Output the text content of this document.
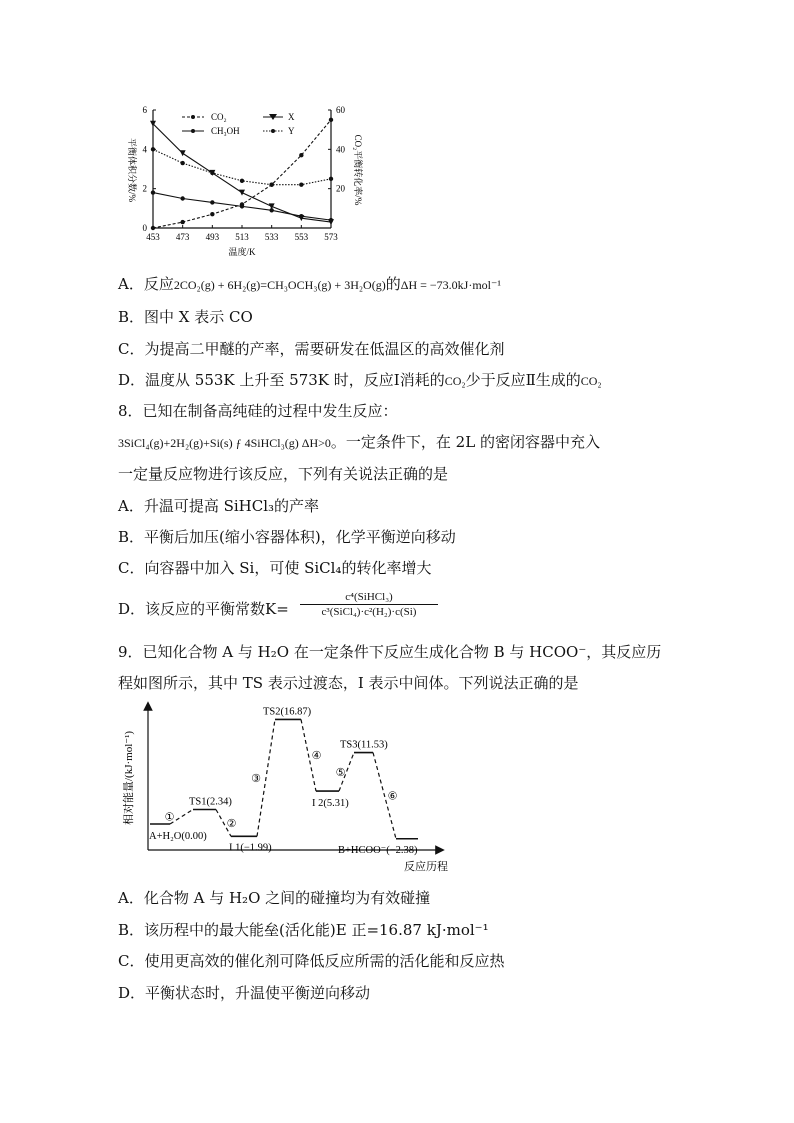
0
2
4
6
20
40
60
453 473 493 513 533 553 573
CO₂	X
CH₃OH	Y
平衡体积分数/%	CO₂平衡转化率/%
温度/K
A．反应2CO₂(g) + 6H₂(g)=CH₃OCH₃(g) + 3H₂O(g)的ΔH = −73.0kJ·mol⁻¹
B．图中 X 表示 CO
C．为提高二甲醚的产率，需要研发在低温区的高效催化剂
D．温度从 553K 上升至 573K 时，反应Ⅰ消耗的CO₂少于反应Ⅱ生成的CO₂
8．已知在制备高纯硅的过程中发生反应：
3SiCl₄(g)+2H₂(g)+Si(s) ƒ 4SiHCl₃(g) ΔH>0。一定条件下，在 2L 的密闭容器中充入
一定量反应物进行该反应，下列有关说法正确的是
A．升温可提高 SiHCl₃的产率
B．平衡后加压(缩小容器体积)，化学平衡逆向移动
C．向容器中加入 Si，可使 SiCl₄的转化率增大
D．该反应的平衡常数K=
c⁴(SiHCl₃)
c³(SiCl₄)·c²(H₂)·c(Si)
9．已知化合物 A 与 H₂O 在一定条件下反应生成化合物 B 与 HCOO⁻，其反应历
程如图所示，其中 TS 表示过渡态，I 表示中间体。下列说法正确的是
相对能量/(kJ·mol⁻¹)
反应历程
A+H₂O(0.00)
①
TS1(2.34)
②
I 1(−1.99)
③
TS2(16.87)
④
I 2(5.31)
⑤
TS3(11.53)
⑥
B+HCOO⁻(−2.38)
A．化合物 A 与 H₂O 之间的碰撞均为有效碰撞
B．该历程中的最大能垒(活化能)E 正=16.87 kJ·mol⁻¹
C．使用更高效的催化剂可降低反应所需的活化能和反应热
D．平衡状态时，升温使平衡逆向移动
